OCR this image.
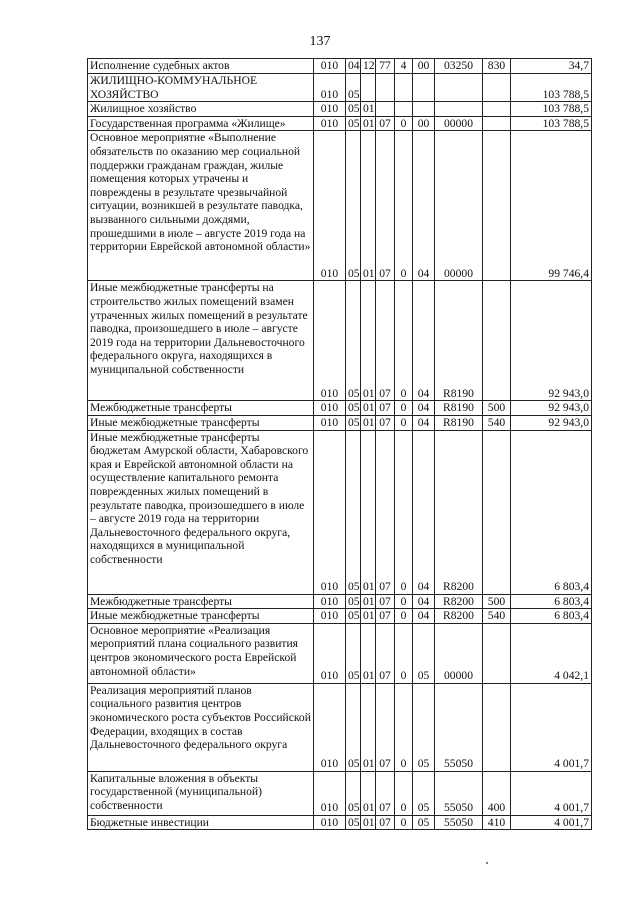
137
Исполнение судебных актов	010	04	12	77	4	00	03250	830	34,7

ЖИЛИЩНО-КОММУНАЛЬНОЕ ХОЗЯЙСТВО	010	05							103 788,5

Жилищное хозяйство	010	05	01						103 788,5

Государственная программа «Жилище»	010	05	01	07	0	00	00000		103 788,5

Основное мероприятие «Выполнение обязательств по оказанию мер социальной поддержки гражданам граждан, жилые помещения которых утрачены и повреждены в результате чрезвычайной ситуации, возникшей в результате паводка, вызванного сильными дождями, прошедшими в июле – августе 2019 года на территории Еврейской автономной области»	010	05	01	07	0	04	00000		99 746,4

Иные межбюджетные трансферты на строительство жилых помещений взамен утраченных жилых помещений в результате паводка, произошедшего в июле – августе 2019 года на территории Дальневосточного федерального округа, находящихся в муниципальной собственности	010	05	01	07	0	04	R8190		92 943,0

Межбюджетные трансферты	010	05	01	07	0	04	R8190	500	92 943,0

Иные межбюджетные трансферты	010	05	01	07	0	04	R8190	540	92 943,0

Иные межбюджетные трансферты бюджетам Амурской области, Хабаровского края и Еврейской автономной области на осуществление капитального ремонта поврежденных жилых помещений в результате паводка, произошедшего в июле – августе 2019 года на территории Дальневосточного федерального округа, находящихся в муниципальной собственности	010	05	01	07	0	04	R8200		6 803,4

Межбюджетные трансферты	010	05	01	07	0	04	R8200	500	6 803,4

Иные межбюджетные трансферты	010	05	01	07	0	04	R8200	540	6 803,4

Основное мероприятие «Реализация мероприятий плана социального развития центров экономического роста Еврейской автономной области»	010	05	01	07	0	05	00000		4 042,1

Реализация мероприятий планов социального развития центров экономического роста субъектов Российской Федерации, входящих в состав Дальневосточного федерального округа	010	05	01	07	0	05	55050		4 001,7

Капитальные вложения в объекты государственной (муниципальной) собственности	010	05	01	07	0	05	55050	400	4 001,7

Бюджетные инвестиции	010	05	01	07	0	05	55050	410	4 001,7
